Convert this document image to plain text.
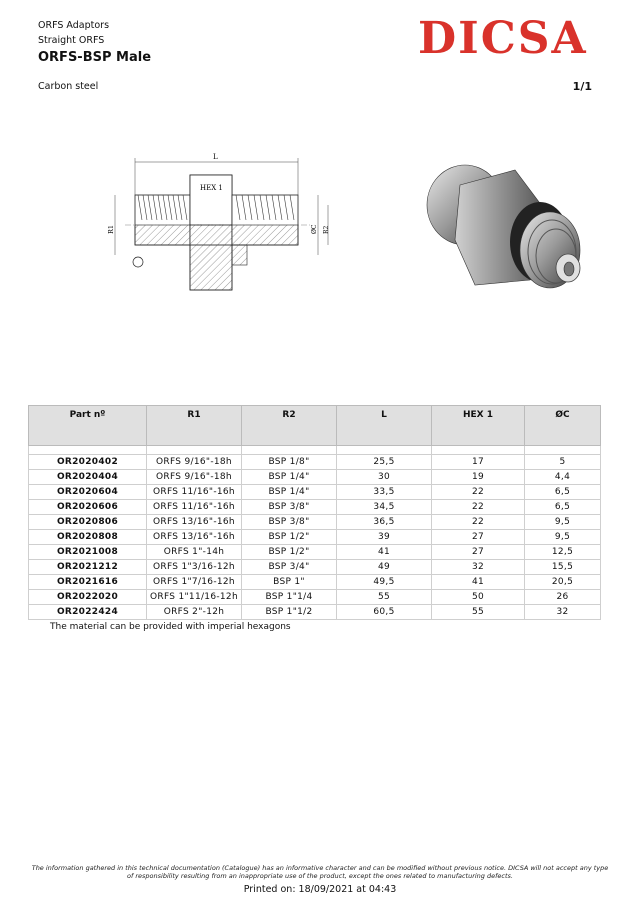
ORFS Adaptors
Straight ORFS
ORFS-BSP Male
Carbon steel	1/1
DICSA
L
HEX 1
R1	ØC R2
Part nº	R1	R2	L	HEX 1	ØC

OR2020402	ORFS 9/16"-18h	BSP 1/8"	25,5	17	5
OR2020404	ORFS 9/16"-18h	BSP 1/4"	30	19	4,4
OR2020604	ORFS 11/16"-16h	BSP 1/4"	33,5	22	6,5
OR2020606	ORFS 11/16"-16h	BSP 3/8"	34,5	22	6,5
OR2020806	ORFS 13/16"-16h	BSP 3/8"	36,5	22	9,5
OR2020808	ORFS 13/16"-16h	BSP 1/2"	39	27	9,5
OR2021008	ORFS 1"-14h	BSP 1/2"	41	27	12,5
OR2021212	ORFS 1"3/16-12h	BSP 3/4"	49	32	15,5
OR2021616	ORFS 1"7/16-12h	BSP 1"	49,5	41	20,5
OR2022020	ORFS 1"11/16-12h	BSP 1"1/4	55	50	26
OR2022424	ORFS 2"-12h	BSP 1"1/2	60,5	55	32
The material can be provided with imperial hexagons
The information gathered in this technical documentation (Catalogue) has an informative character and can be modified without previous notice. DICSA will not accept any type
of responsibility resulting from an inappropriate use of the product, except the ones related to manufacturing defects.
Printed on: 18/09/2021 at 04:43
